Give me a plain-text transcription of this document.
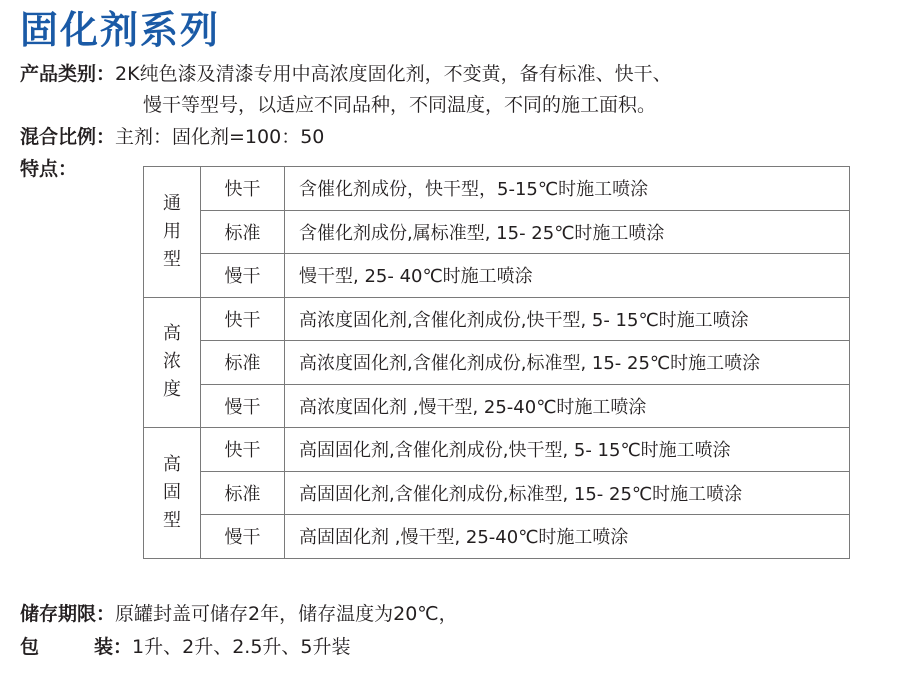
固化剂系列
产品类别：2K纯色漆及清漆专用中高浓度固化剂，不变黄，备有标准、快干、
慢干等型号，以适应不同品种，不同温度，不同的施工面积。
混合比例：主剂：固化剂=100：50
特点：
通
用
型	快干	含催化剂成份，快干型，5-15℃时施工喷涂
	标准	含催化剂成份,属标准型, 15- 25℃时施工喷涂
	慢干	慢干型, 25- 40℃时施工喷涂

高
浓
度	快干	高浓度固化剂,含催化剂成份,快干型, 5- 15℃时施工喷涂
	标准	高浓度固化剂,含催化剂成份,标准型, 15- 25℃时施工喷涂
	慢干	高浓度固化剂 ,慢干型, 25-40℃时施工喷涂

高
固
型	快干	高固固化剂,含催化剂成份,快干型, 5- 15℃时施工喷涂
	标准	高固固化剂,含催化剂成份,标准型, 15- 25℃时施工喷涂
	慢干	高固固化剂 ,慢干型, 25-40℃时施工喷涂
储存期限：原罐封盖可储存2年，储存温度为20℃，
包	装：1升、2升、2.5升、5升装
